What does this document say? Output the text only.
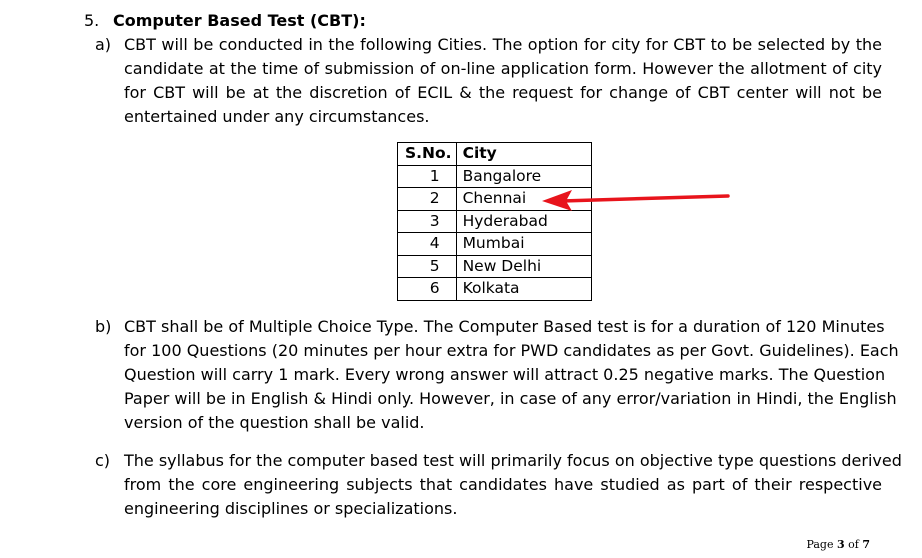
5. Computer Based Test (CBT):
a) CBT will be conducted in the following Cities. The option for city for CBT to be selected by the
candidate at the time of submission of on-line application form. However the allotment of city
for CBT will be at the discretion of ECIL & the request for change of CBT center will not be
entertained under any circumstances.
S.No.	City
1	Bangalore
2	Chennai
3	Hyderabad
4	Mumbai
5	New Delhi
6	Kolkata
b) CBT shall be of Multiple Choice Type. The Computer Based test is for a duration of 120 Minutes
for 100 Questions (20 minutes per hour extra for PWD candidates as per Govt. Guidelines). Each
Question will carry 1 mark. Every wrong answer will attract 0.25 negative marks. The Question
Paper will be in English & Hindi only. However, in case of any error/variation in Hindi, the English
version of the question shall be valid.
c) The syllabus for the computer based test will primarily focus on objective type questions derived
from the core engineering subjects that candidates have studied as part of their respective
engineering disciplines or specializations.
Page 3 of 7
